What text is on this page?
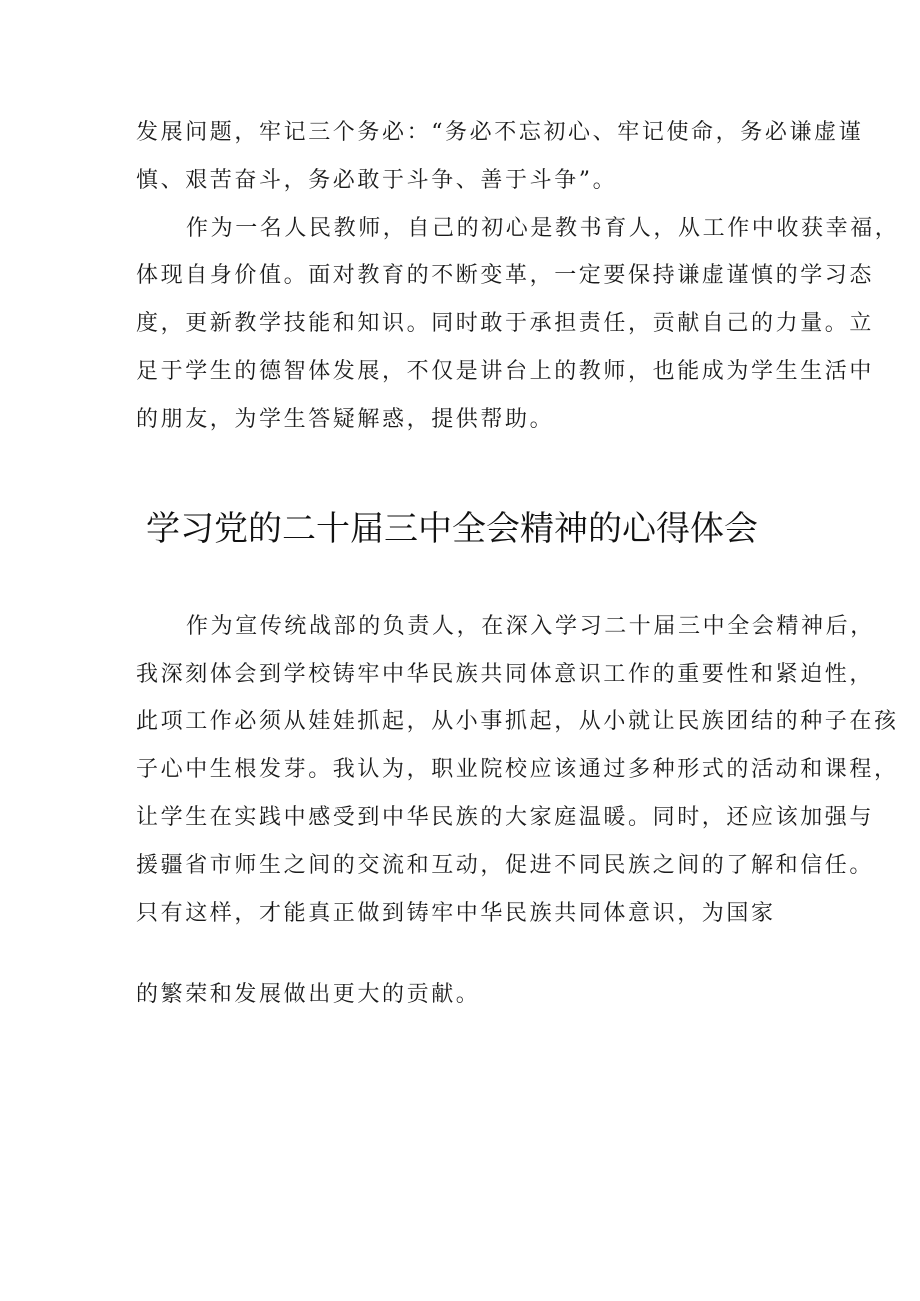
发展问题，牢记三个务必：“务必不忘初心、牢记使命，务必谦虚谨

慎、艰苦奋斗，务必敢于斗争、善于斗争”。

作为一名人民教师，自己的初心是教书育人，从工作中收获幸福，

体现自身价值。面对教育的不断变革，一定要保持谦虚谨慎的学习态

度，更新教学技能和知识。同时敢于承担责任，贡献自己的力量。立

足于学生的德智体发展，不仅是讲台上的教师，也能成为学生生活中

的朋友，为学生答疑解惑，提供帮助。

学习党的二十届三中全会精神的心得体会

作为宣传统战部的负责人，在深入学习二十届三中全会精神后，

我深刻体会到学校铸牢中华民族共同体意识工作的重要性和紧迫性，

此项工作必须从娃娃抓起，从小事抓起，从小就让民族团结的种子在孩

子心中生根发芽。我认为，职业院校应该通过多种形式的活动和课程，

让学生在实践中感受到中华民族的大家庭温暖。同时，还应该加强与

援疆省市师生之间的交流和互动，促进不同民族之间的了解和信任。

只有这样，才能真正做到铸牢中华民族共同体意识，为国家

的繁荣和发展做出更大的贡献。
